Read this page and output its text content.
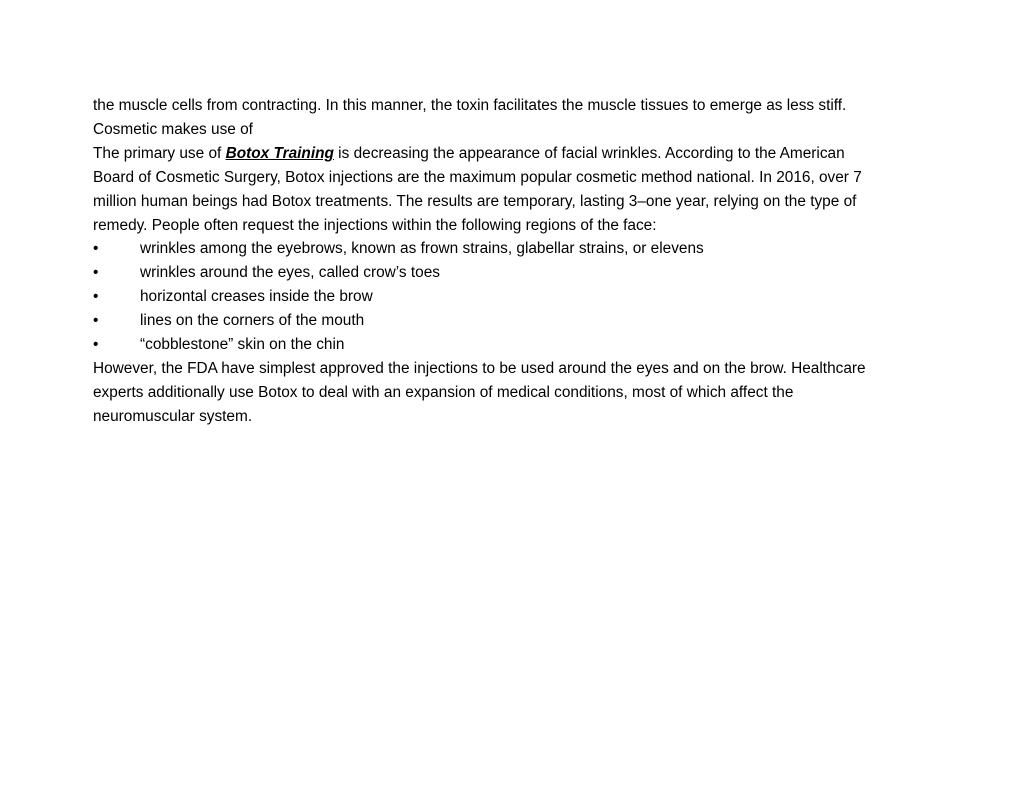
the muscle cells from contracting. In this manner, the toxin facilitates the muscle tissues to emerge as less stiff.
Cosmetic makes use of
The primary use of Botox Training is decreasing the appearance of facial wrinkles. According to the American
Board of Cosmetic Surgery, Botox injections are the maximum popular cosmetic method national. In 2016, over 7
million human beings had Botox treatments. The results are temporary, lasting 3–one year, relying on the type of
remedy. People often request the injections within the following regions of the face:
•	wrinkles among the eyebrows, known as frown strains, glabellar strains, or elevens
•	wrinkles around the eyes, called crow’s toes
•	horizontal creases inside the brow
•	lines on the corners of the mouth
•	“cobblestone” skin on the chin
However, the FDA have simplest approved the injections to be used around the eyes and on the brow. Healthcare
experts additionally use Botox to deal with an expansion of medical conditions, most of which affect the
neuromuscular system.
